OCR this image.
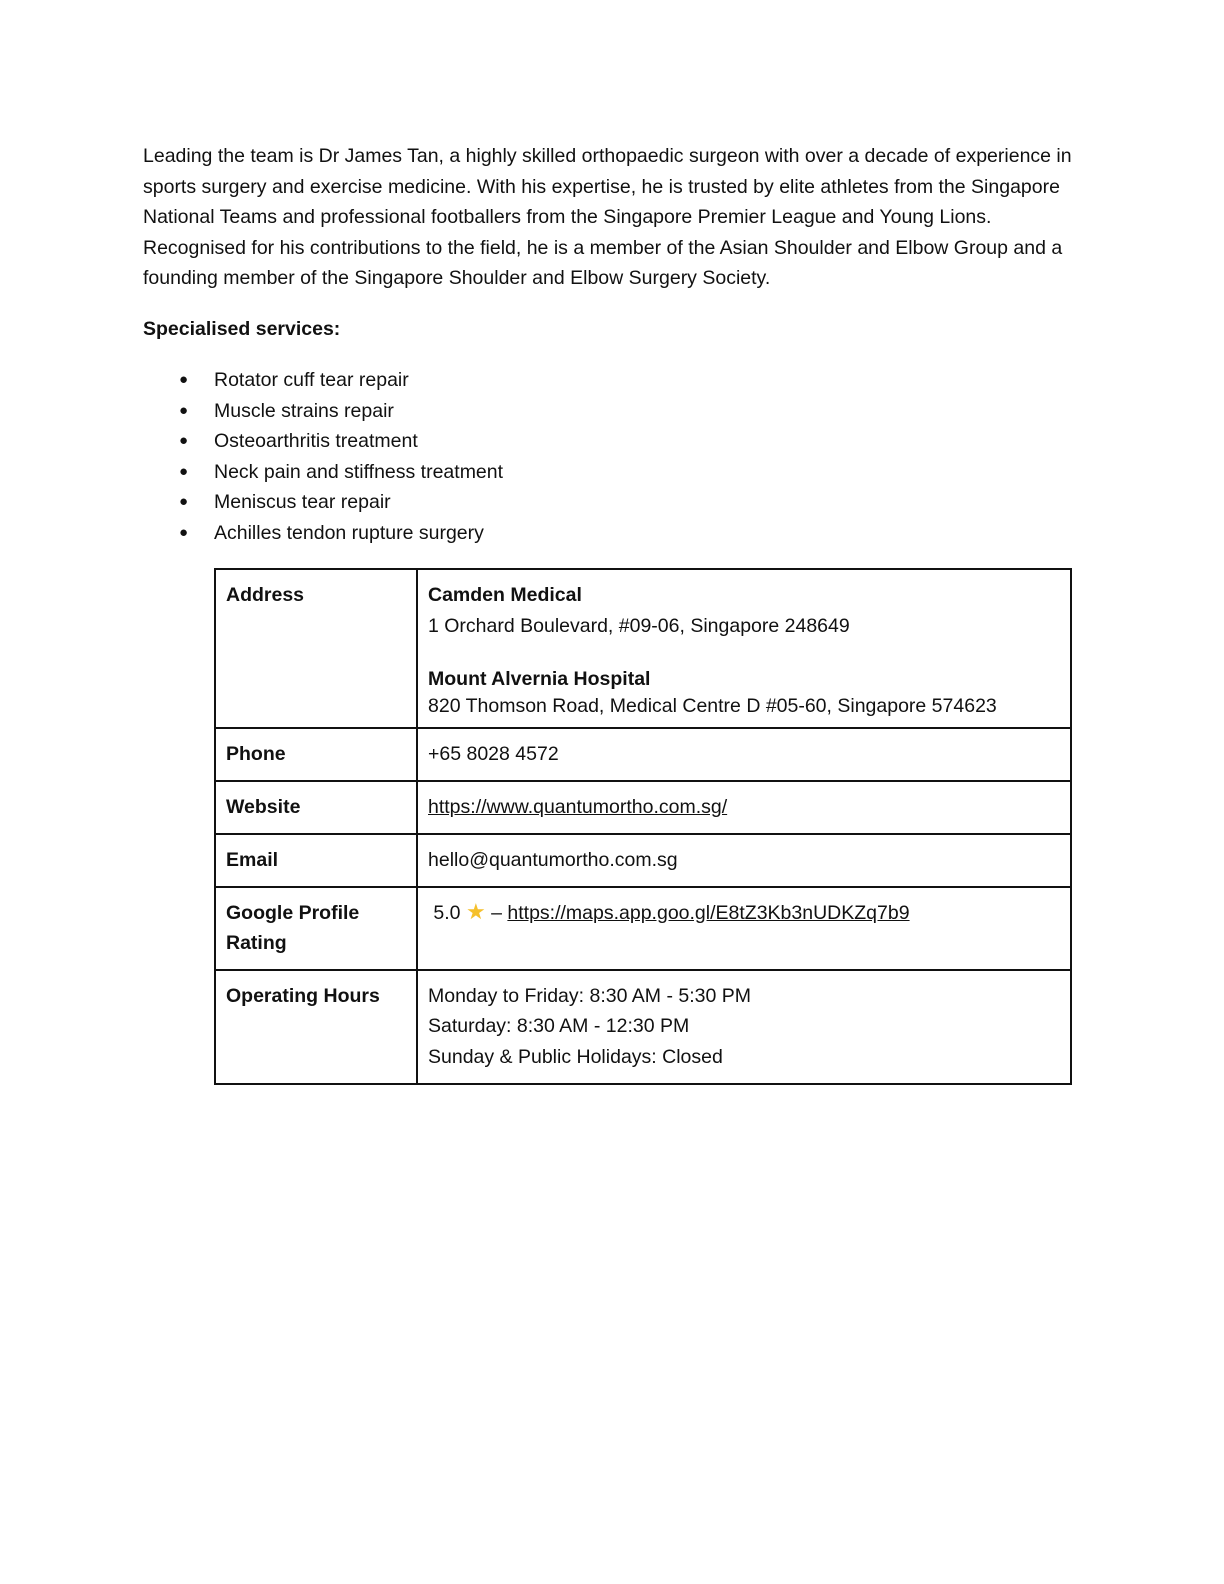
Leading the team is Dr James Tan, a highly skilled orthopaedic surgeon with over a decade of experience in sports surgery and exercise medicine. With his expertise, he is trusted by elite athletes from the Singapore National Teams and professional footballers from the Singapore Premier League and Young Lions. Recognised for his contributions to the field, he is a member of the Asian Shoulder and Elbow Group and a founding member of the Singapore Shoulder and Elbow Surgery Society.

Specialised services:

● Rotator cuff tear repair
● Muscle strains repair
● Osteoarthritis treatment
● Neck pain and stiffness treatment
● Meniscus tear repair
● Achilles tendon rupture surgery
Address	Camden Medical
1 Orchard Boulevard, #09-06, Singapore 248649
Mount Alvernia Hospital
820 Thomson Road, Medical Centre D #05-60, Singapore 574623

Phone	+65 8028 4572
Website	https://www.quantumortho.com.sg/
Email	hello@quantumortho.com.sg

Google Profile
Rating	5.0 ★ – https://maps.app.goo.gl/E8tZ3Kb3nUDKZq7b9
Operating Hours	Monday to Friday: 8:30 AM - 5:30 PM
Saturday: 8:30 AM - 12:30 PM
Sunday & Public Holidays: Closed
